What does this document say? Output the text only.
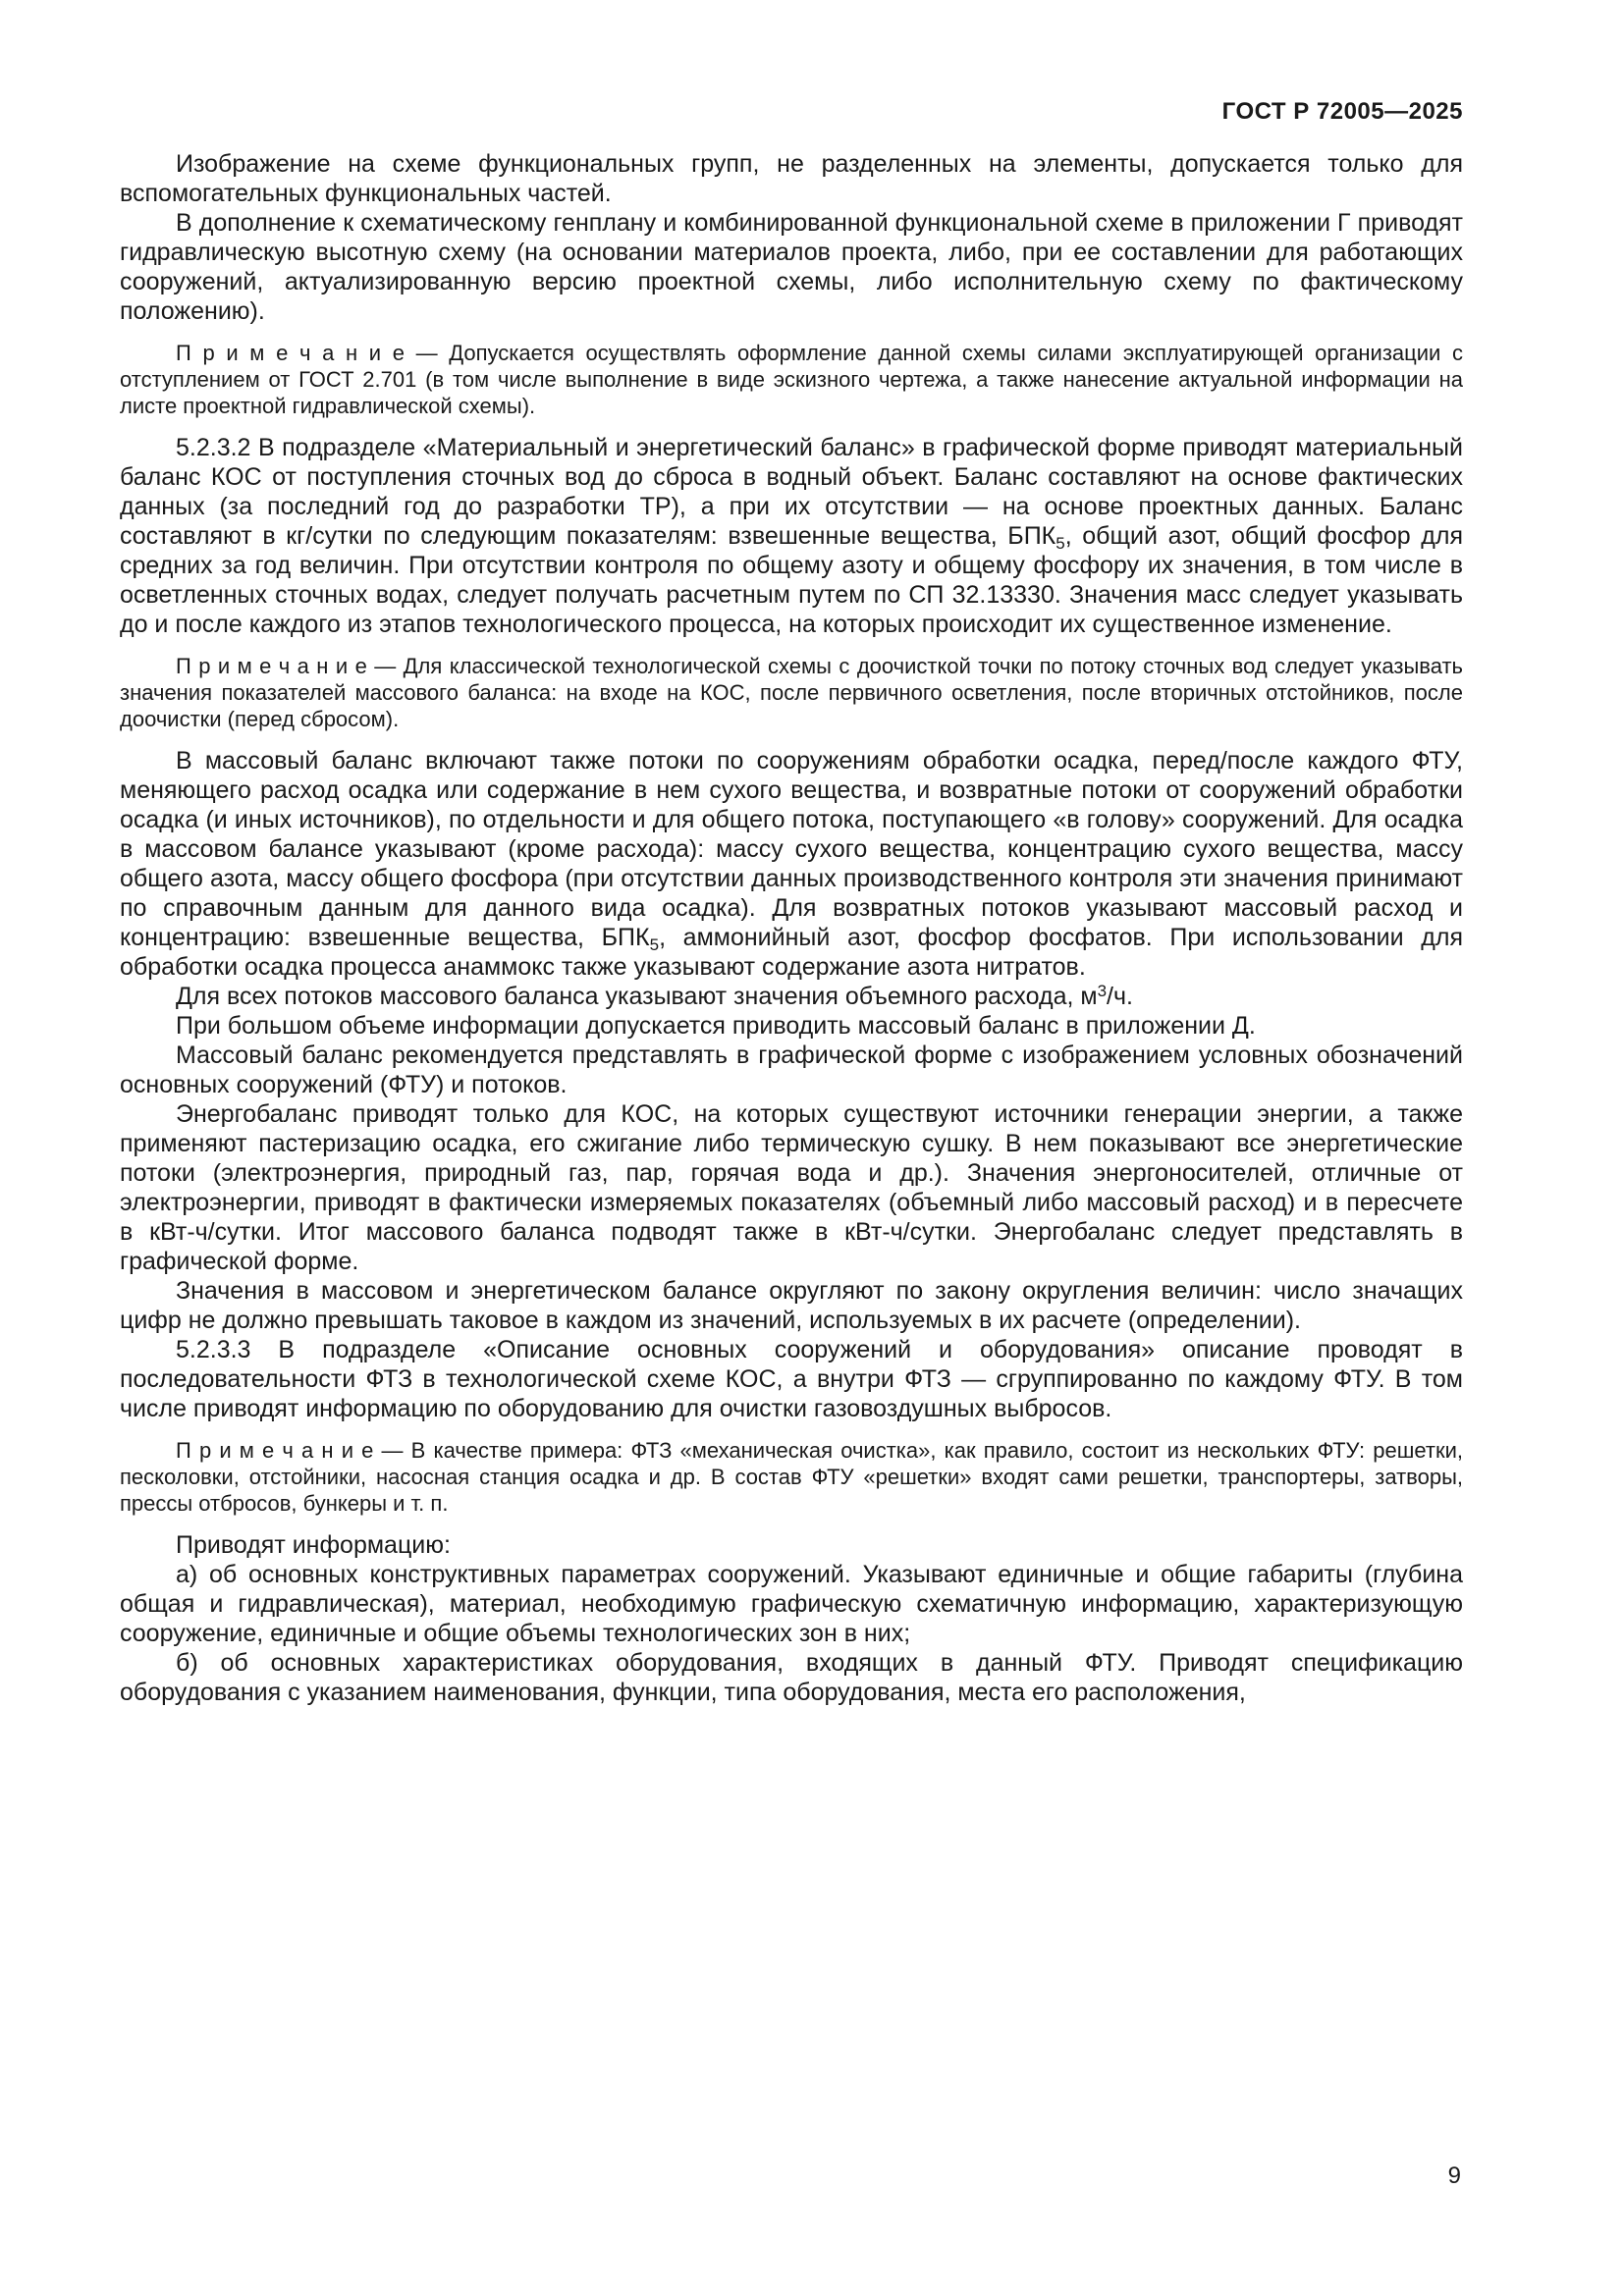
ГОСТ Р 72005—2025

Изображение на схеме функциональных групп, не разделенных на элементы, допускается только для вспомогательных функциональных частей.

В дополнение к схематическому генплану и комбинированной функциональной схеме в приложении Г приводят гидравлическую высотную схему (на основании материалов проекта, либо, при ее составлении для работающих сооружений, актуализированную версию проектной схемы, либо исполнительную схему по фактическому положению).

П р и м е ч а н и е — Допускается осуществлять оформление данной схемы силами эксплуатирующей организации с отступлением от ГОСТ 2.701 (в том числе выполнение в виде эскизного чертежа, а также нанесение актуальной информации на листе проектной гидравлической схемы).

5.2.3.2 В подразделе «Материальный и энергетический баланс» в графической форме приводят материальный баланс КОС от поступления сточных вод до сброса в водный объект. Баланс составляют на основе фактических данных (за последний год до разработки ТР), а при их отсутствии — на основе проектных данных. Баланс составляют в кг/сутки по следующим показателям: взвешенные вещества, $БПК_5$, общий азот, общий фосфор для средних за год величин. При отсутствии контроля по общему азоту и общему фосфору их значения, в том числе в осветленных сточных водах, следует получать расчетным путем по СП 32.13330. Значения масс следует указывать до и после каждого из этапов технологического процесса, на которых происходит их существенное изменение.

П р и м е ч а н и е — Для классической технологической схемы с доочисткой точки по потоку сточных вод следует указывать значения показателей массового баланса: на входе на КОС, после первичного осветления, после вторичных отстойников, после доочистки (перед сбросом).

В массовый баланс включают также потоки по сооружениям обработки осадка, перед/после каждого ФТУ, меняющего расход осадка или содержание в нем сухого вещества, и возвратные потоки от сооружений обработки осадка (и иных источников), по отдельности и для общего потока, поступающего «в голову» сооружений. Для осадка в массовом балансе указывают (кроме расхода): массу сухого вещества, концентрацию сухого вещества, массу общего азота, массу общего фосфора (при отсутствии данных производственного контроля эти значения принимают по справочным данным для данного вида осадка). Для возвратных потоков указывают массовый расход и концентрацию: взвешенные вещества, $БПК_5$, аммонийный азот, фосфор фосфатов. При использовании для обработки осадка процесса анаммокс также указывают содержание азота нитратов.

Для всех потоков массового баланса указывают значения объемного расхода, $м^3/ч$.

При большом объеме информации допускается приводить массовый баланс в приложении Д.

Массовый баланс рекомендуется представлять в графической форме с изображением условных обозначений основных сооружений (ФТУ) и потоков.

Энергобаланс приводят только для КОС, на которых существуют источники генерации энергии, а также применяют пастеризацию осадка, его сжигание либо термическую сушку. В нем показывают все энергетические потоки (электроэнергия, природный газ, пар, горячая вода и др.). Значения энергоносителей, отличные от электроэнергии, приводят в фактически измеряемых показателях (объемный либо массовый расход) и в пересчете в кВт-ч/сутки. Итог массового баланса подводят также в кВт-ч/сутки. Энергобаланс следует представлять в графической форме.

Значения в массовом и энергетическом балансе округляют по закону округления величин: число значащих цифр не должно превышать таковое в каждом из значений, используемых в их расчете (определении).

5.2.3.3 В подразделе «Описание основных сооружений и оборудования» описание проводят в последовательности ФТЗ в технологической схеме КОС, а внутри ФТЗ — сгруппированно по каждому ФТУ. В том числе приводят информацию по оборудованию для очистки газовоздушных выбросов.

П р и м е ч а н и е — В качестве примера: ФТЗ «механическая очистка», как правило, состоит из нескольких ФТУ: решетки, песколовки, отстойники, насосная станция осадка и др. В состав ФТУ «решетки» входят сами решетки, транспортеры, затворы, прессы отбросов, бункеры и т. п.

Приводят информацию:

а) об основных конструктивных параметрах сооружений. Указывают единичные и общие габариты (глубина общая и гидравлическая), материал, необходимую графическую схематичную информацию, характеризующую сооружение, единичные и общие объемы технологических зон в них;

б) об основных характеристиках оборудования, входящих в данный ФТУ. Приводят спецификацию оборудования с указанием наименования, функции, типа оборудования, места его расположения,

9
